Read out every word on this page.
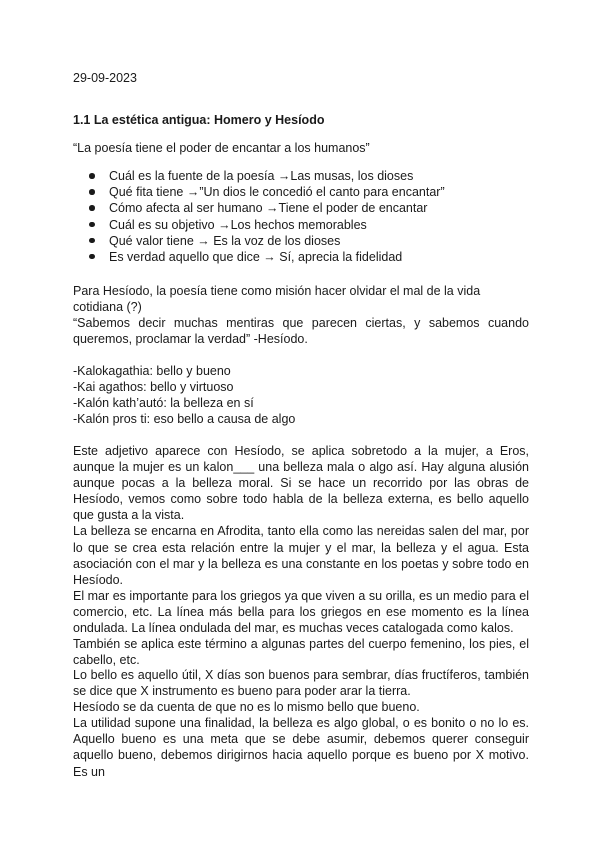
29-09-2023
1.1 La estética antigua: Homero y Hesíodo
“La poesía tiene el poder de encantar a los humanos”
Cuál es la fuente de la poesía →Las musas, los dioses
Qué fita tiene →”Un dios le concedió el canto para encantar”
Cómo afecta al ser humano →Tiene el poder de encantar
Cuál es su objetivo →Los hechos memorables
Qué valor tiene → Es la voz de los dioses
Es verdad aquello que dice → Sí, aprecia la fidelidad

Para Hesíodo, la poesía tiene como misión hacer olvidar el mal de la vida cotidiana (?)

“Sabemos decir muchas mentiras que parecen ciertas, y sabemos cuando queremos, proclamar la verdad” -Hesíodo.

-Kalokagathia: bello y bueno

-Kai agathos: bello y virtuoso

-Kalón kath’autó: la belleza en sí

-Kalón pros ti: eso bello a causa de algo

Este adjetivo aparece con Hesíodo, se aplica sobretodo a la mujer, a Eros, aunque la mujer es un kalon___ una belleza mala o algo así. Hay alguna alusión aunque pocas a la belleza moral. Si se hace un recorrido por las obras de Hesíodo, vemos como sobre todo habla de la belleza externa, es bello aquello que gusta a la vista.

La belleza se encarna en Afrodita, tanto ella como las nereidas salen del mar, por lo que se crea esta relación entre la mujer y el mar, la belleza y el agua. Esta asociación con el mar y la belleza es una constante en los poetas y sobre todo en Hesíodo.

El mar es importante para los griegos ya que viven a su orilla, es un medio para el comercio, etc. La línea más bella para los griegos en ese momento es la línea ondulada. La línea ondulada del mar, es muchas veces catalogada como kalos.

También se aplica este término a algunas partes del cuerpo femenino, los pies, el cabello, etc.

Lo bello es aquello útil, X días son buenos para sembrar, días fructíferos, también se dice que X instrumento es bueno para poder arar la tierra.

Hesíodo se da cuenta de que no es lo mismo bello que bueno.

La utilidad supone una finalidad, la belleza es algo global, o es bonito o no lo es. Aquello bueno es una meta que se debe asumir, debemos querer conseguir aquello bueno, debemos dirigirnos hacia aquello porque es bueno por X motivo. Es un
